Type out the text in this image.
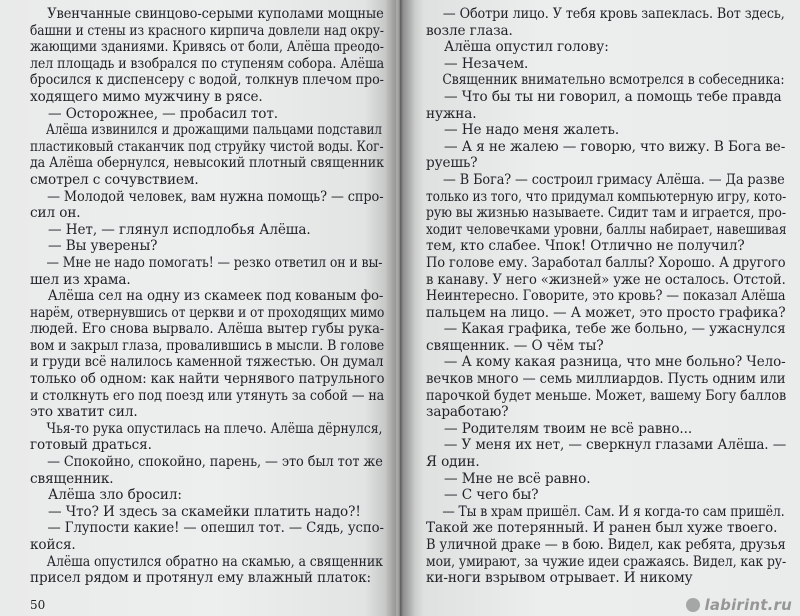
Увенчанные свинцово-серыми куполами мощные
башни и стены из красного кирпича довлели над окру-
жающими зданиями. Кривясь от боли, Алёша преодо-
лел площадь и взобрался по ступеням собора. Алёша
бросился к диспенсеру с водой, толкнув плечом про-
ходящего мимо мужчину в рясе.
— Осторожнее, — пробасил тот.
Алёша извинился и дрожащими пальцами подставил
пластиковый стаканчик под струйку чистой воды. Ког-
да Алёша обернулся, невысокий плотный священник
смотрел с сочувствием.
— Молодой человек, вам нужна помощь? — спро-
сил он.
— Нет, — глянул исподлобья Алёша.
— Вы уверены?
— Мне не надо помогать! — резко ответил он и вы-
шел из храма.
Алёша сел на одну из скамеек под кованым фо-
нарём, отвернувшись от церкви и от проходящих мимо
людей. Его снова вырвало. Алёша вытер губы рука-
вом и закрыл глаза, провалившись в мысли. В голове
и груди всё налилось каменной тяжестью. Он думал
только об одном: как найти чернявого патрульного
и столкнуть его под поезд или утянуть за собой — на
это хватит сил.
Чья-то рука опустилась на плечо. Алёша дёрнулся,
готовый драться.
— Спокойно, спокойно, парень, — это был тот же
священник.
Алёша зло бросил:
— Что? И здесь за скамейки платить надо?!
— Глупости какие! — опешил тот. — Сядь, успо-
койся.
Алёша опустился обратно на скамью, а священник
присел рядом и протянул ему влажный платок:
50
— Оботри лицо. У тебя кровь запеклась. Вот здесь,
возле глаза.
Алёша опустил голову:
— Незачем.
Священник внимательно всмотрелся в собеседника:
— Что бы ты ни говорил, а помощь тебе правда
нужна.
— Не надо меня жалеть.
— А я не жалею — говорю, что вижу. В Бога ве-
руешь?
— В Бога? — состроил гримасу Алёша. — Да разве
только из того, что придумал компьютерную игру, кото-
рую вы жизнью называете. Сидит там и играется, про-
ходит человечками уровни, баллы набирает, навешивая
тем, кто слабее. Чпок! Отлично не получил?
По голове ему. Заработал баллы? Хорошо. А другого
в канаву. У него «жизней» уже не осталось. Отстой.
Неинтересно. Говорите, это кровь? — показал Алёша
пальцем на лицо. — А может, это просто графика?
— Какая графика, тебе же больно, — ужаснулся
священник. — О чём ты?
— А кому какая разница, что мне больно? Чело-
вечков много — семь миллиардов. Пусть одним или
парочкой будет меньше. Может, вашему Богу баллов
заработаю?
— Родителям твоим не всё равно...
— У меня их нет, — сверкнул глазами Алёша. —
Я один.
— Мне не всё равно.
— С чего бы?
— Ты в храм пришёл. Сам. И я когда-то сам пришёл.
Такой же потерянный. И ранен был хуже твоего.
В уличной драке — в бою. Видел, как ребята, друзья
мои, умирают, за чужие идеи сражаясь. Видел, как ру-
ки-ноги взрывом отрывает. И никому
labirint.ru
